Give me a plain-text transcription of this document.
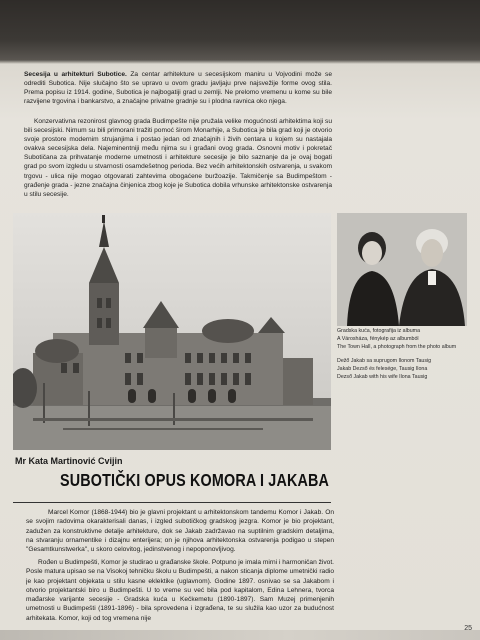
Secesija u arhitekturi Subotice. Za centar arhitekture u secesijskom maniru u Vojvodini može se odrediti Subotica. Nije slučajno što se upravo u ovom gradu javljaju prve najsvežije forme ovog stila. Prema popisu iz 1914. godine, Subotica je najbogatiji grad u zemlji. Ne prelomo vremenu u kome su bile razvijene trgovina i bankarstvo, a značajne privatne gradnje su i plodna ravnica oko njega.
Konzervativna rezonirost glavnog grada Budimpešte nije pružala velike mogućnosti arhitektima koji su bili secesijski. Nimum su bili primorani tražiti pomoć širom Monarhije, a Subotica je bila grad koji je otvorio svoje prostore modernim strujanjima i postao jedan od značajnih i živih centara u kojem su nastajala ovakva secesijska dela. Najeminentniji među njima su i građani ovog grada. Osnovni motiv i pokretač Subotičana za prihvatanje moderne umetnosti i arhitekture secesije je bilo saznanje da je ovaj bogati grad po svom izgledu u stvarnosti osamdešetnog perioda. Bez većih arhitektonskih ostvarenja, u svakom trgovu - ulica nije mogao otgovarati zahtevima obogaćene buržoazije. Takmičenje sa Budimpeštom - građenje grada - jezne značajna činjenica zbog koje je Subotica dobila vrhunske arhitektonske ostvarenja u stilu secesije.
Gradska kuća, fotografija iz albuma
A Városháza, fénykép az albumból
The Town Hall, a photograph from the photo album
Dežő Jakab sa suprugom Ilonom Tausig
Jakab Dezső és felesége, Tausig Ilona
Dezső Jakab with his wife Ilona Tausig
Mr Kata Martinović Cvijin
SUBOTIČKI OPUS KOMORA I JAKABA
Marcel Komor (1868-1944) bio je glavni projektant u arhitektonskom tandemu Komor i Jakab. On se svojim radovima okarakterisali danas, i izgled subotičkog gradskog jezgra. Komor je bio projektant, zadužen za konstruktivne detalje arhitekture, dok se Jakab zadržavao na suptilnim gradskim detaljima, na stvaranju ornamentike i dizajnu enterijera; on je njihova arhitektonska ostvarenja podigao u stepen "Gesamtkunstwerka", u skoro celovitog, jedinstvenog i nepoponovljivog.
Rođen u Budimpešti, Komor je studirao u građanske škole. Potpuno je imala mirni i harmoničan život. Posle matura upisao se na Visokoj tehničku školu u Budimpešti, a nakon sticanja diplome umetnički radio je kao projektant objekata u stilu kasne eklektike (uglavnom). Godine 1897. osnivao se sa Jakabom i otvorio projektantski biro u Budimpešti. U to vreme su već bila pod kapitalom, Edina Lehnera, tvorca mađarske varijante secesije - Gradska kuća u Kečkemetu (1890-1897). Sam Muzej primenjenih umetnosti u Budimpešti (1891-1896) - bila sprovedena i izgrađena, te su služila kao uzor za budućnost arhitekata. Komor, koji od tog vremena nije
25
